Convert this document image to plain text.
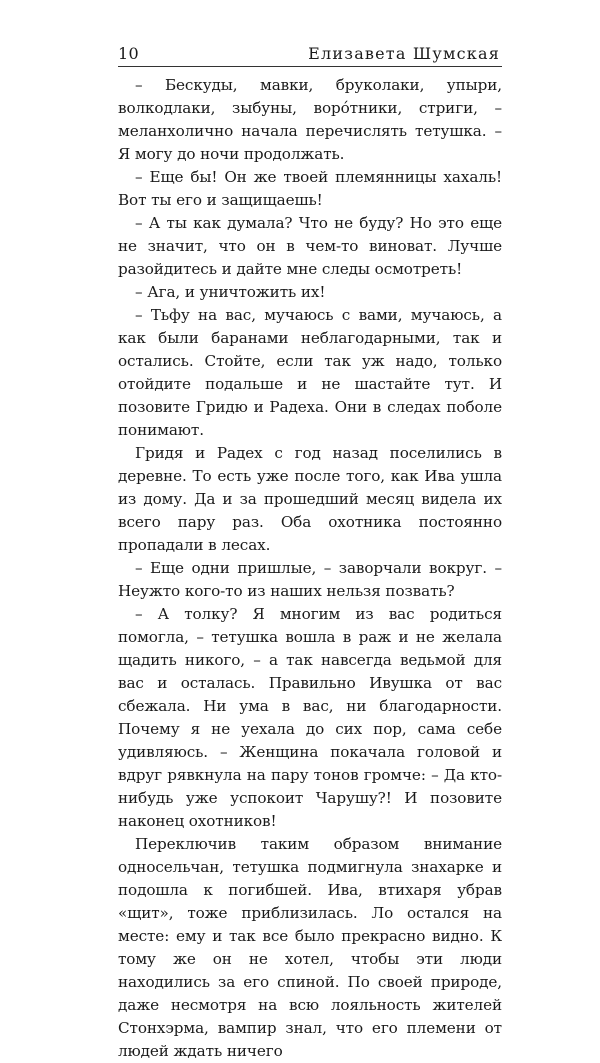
10	Елизавета Шумская

– Бескуды, мавки, бруколаки, упыри, волкодлаки, зыбуны, воро́тники, стриги, – меланхолично начала перечислять тетушка. – Я могу до ночи продолжать.

– Еще бы! Он же твоей племянницы хахаль! Вот ты его и защищаешь!

– А ты как думала? Что не буду? Но это еще не значит, что он в чем-то виноват. Лучше разойдитесь и дайте мне следы осмотреть!

– Ага, и уничтожить их!

– Тьфу на вас, мучаюсь с вами, мучаюсь, а как были баранами неблагодарными, так и остались. Стойте, если так уж надо, только отойдите подальше и не шастайте тут. И позовите Гридю и Радеха. Они в следах поболе понимают.

Гридя и Радех с год назад поселились в деревне. То есть уже после того, как Ива ушла из дому. Да и за прошедший месяц видела их всего пару раз. Оба охотника постоянно пропадали в лесах.

– Еще одни пришлые, – заворчали вокруг. – Неужто кого-то из наших нельзя позвать?

– А толку? Я многим из вас родиться помогла, – тетушка вошла в раж и не желала щадить никого, – а так навсегда ведьмой для вас и осталась. Правильно Ивушка от вас сбежала. Ни ума в вас, ни благодарности. Почему я не уехала до сих пор, сама себе удивляюсь. – Женщина покачала головой и вдруг рявкнула на пару тонов громче: – Да кто-нибудь уже успокоит Чарушу?! И позовите наконец охотников!

Переключив таким образом внимание односельчан, тетушка подмигнула знахарке и подошла к погибшей. Ива, втихаря убрав «щит», тоже приблизилась. Ло остался на месте: ему и так все было прекрасно видно. К тому же он не хотел, чтобы эти люди находились за его спиной. По своей природе, даже несмотря на всю лояльность жителей Стонхэрма, вампир знал, что его племени от людей ждать ничего
